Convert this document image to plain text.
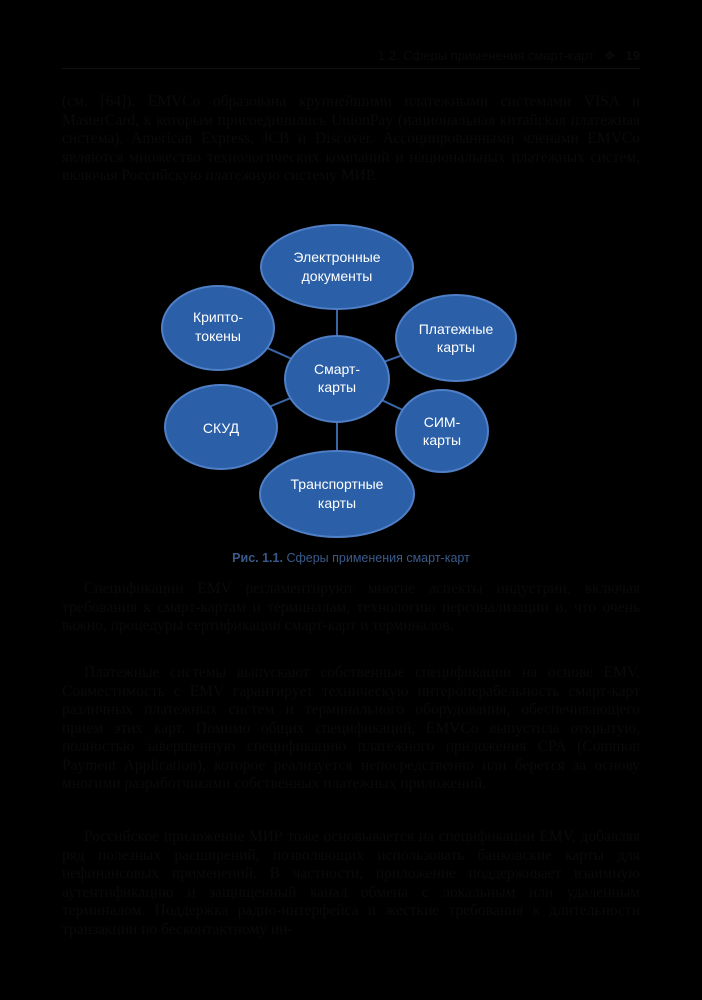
1.2. Сферы применения смарт-карт ❖ 19

(см. [64]). EMVCo образована крупнейшими платежными системами VISA и MasterCard, к которым присоединились UnionPay (национальная китайская платежная система), American Express, JCB и Discover. Ассоциированными членами EMVCo являются множество технологических компаний и национальных платежных систем, включая Российскую платежную систему МИР.

Электронные
документы
Платежные
карты
СИМ-
карты
Транспортные
карты
СКУД
Крипто-
токены
Смарт-
карты
Рис. 1.1. Сферы применения смарт-карт

Спецификации EMV регламентируют многие аспекты индустрии, включая требования к смарт-картам и терминалам, технологию персонализации и, что очень важно, процедуры сертификации смарт-карт и терминалов.

Платежные системы выпускают собственные спецификации на основе EMV. Совместимость с EMV гарантирует техническую интероперабельность смарт-карт различных платежных систем и терминального оборудования, обеспечивающего прием этих карт. Помимо общих спецификаций, EMVCo выпустила открытую, полностью завершенную спецификацию платежного приложения CPA (Common Payment Application), которое реализуется непосредственно или берется за основу многими разработчиками собственных платежных приложений.

Российское приложение МИР тоже основывается на спецификации EMV, добавляя ряд полезных расширений, позволяющих использовать банковские карты для нефинансовых применений. В частности, приложение поддерживает взаимную аутентификацию и защищенный канал обмена с локальным или удаленным терминалом. Поддержка радио-интерфейса и жесткие требования к длительности транзакции по бесконтактному ин-
